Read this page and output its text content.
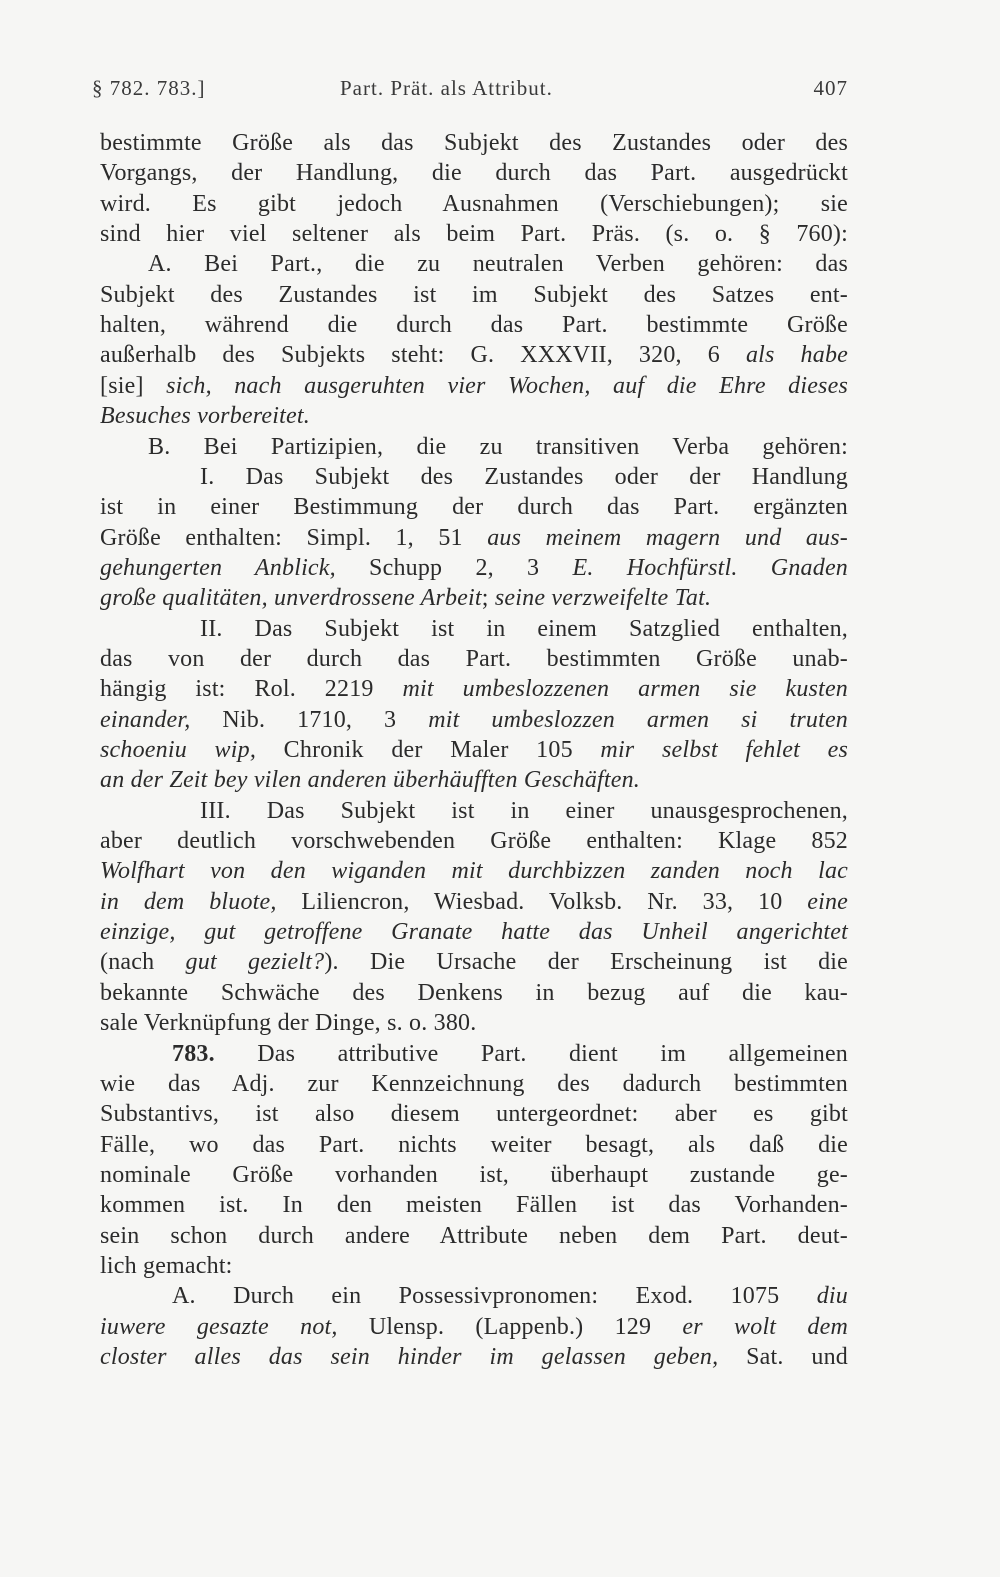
§ 782. 783.]	Part. Prät. als Attribut.	407
bestimmte Größe als das Subjekt des Zustandes oder des
Vorgangs, der Handlung, die durch das Part. ausgedrückt
wird. Es gibt jedoch Ausnahmen (Verschiebungen); sie
sind hier viel seltener als beim Part. Präs. (s. o. § 760):
A. Bei Part., die zu neutralen Verben gehören: das
Subjekt des Zustandes ist im Subjekt des Satzes ent-
halten, während die durch das Part. bestimmte Größe
außerhalb des Subjekts steht: G. XXXVII, 320, 6 als habe
[sie] sich, nach ausgeruhten vier Wochen, auf die Ehre dieses
Besuches vorbereitet.
B. Bei Partizipien, die zu transitiven Verba gehören:
I. Das Subjekt des Zustandes oder der Handlung
ist in einer Bestimmung der durch das Part. ergänzten
Größe enthalten: Simpl. 1, 51 aus meinem magern und aus-
gehungerten Anblick, Schupp 2, 3 E. Hochfürstl. Gnaden
große qualitäten, unverdrossene Arbeit; seine verzweifelte Tat.
II. Das Subjekt ist in einem Satzglied enthalten,
das von der durch das Part. bestimmten Größe unab-
hängig ist: Rol. 2219 mit umbeslozzenen armen sie kusten
einander, Nib. 1710, 3 mit umbeslozzen armen si truten
schoeniu wip, Chronik der Maler 105 mir selbst fehlet es
an der Zeit bey vilen anderen überhäufften Geschäften.
III. Das Subjekt ist in einer unausgesprochenen,
aber deutlich vorschwebenden Größe enthalten: Klage 852
Wolfhart von den wiganden mit durchbizzen zanden noch lac
in dem bluote, Liliencron, Wiesbad. Volksb. Nr. 33, 10 eine
einzige, gut getroffene Granate hatte das Unheil angerichtet
(nach gut gezielt?). Die Ursache der Erscheinung ist die
bekannte Schwäche des Denkens in bezug auf die kau-
sale Verknüpfung der Dinge, s. o. 380.
783. Das attributive Part. dient im allgemeinen
wie das Adj. zur Kennzeichnung des dadurch bestimmten
Substantivs, ist also diesem untergeordnet: aber es gibt
Fälle, wo das Part. nichts weiter besagt, als daß die
nominale Größe vorhanden ist, überhaupt zustande ge-
kommen ist. In den meisten Fällen ist das Vorhanden-
sein schon durch andere Attribute neben dem Part. deut-
lich gemacht:
A. Durch ein Possessivpronomen: Exod. 1075 diu
iuwere gesazte not, Ulensp. (Lappenb.) 129 er wolt dem
closter alles das sein hinder im gelassen geben, Sat. und
